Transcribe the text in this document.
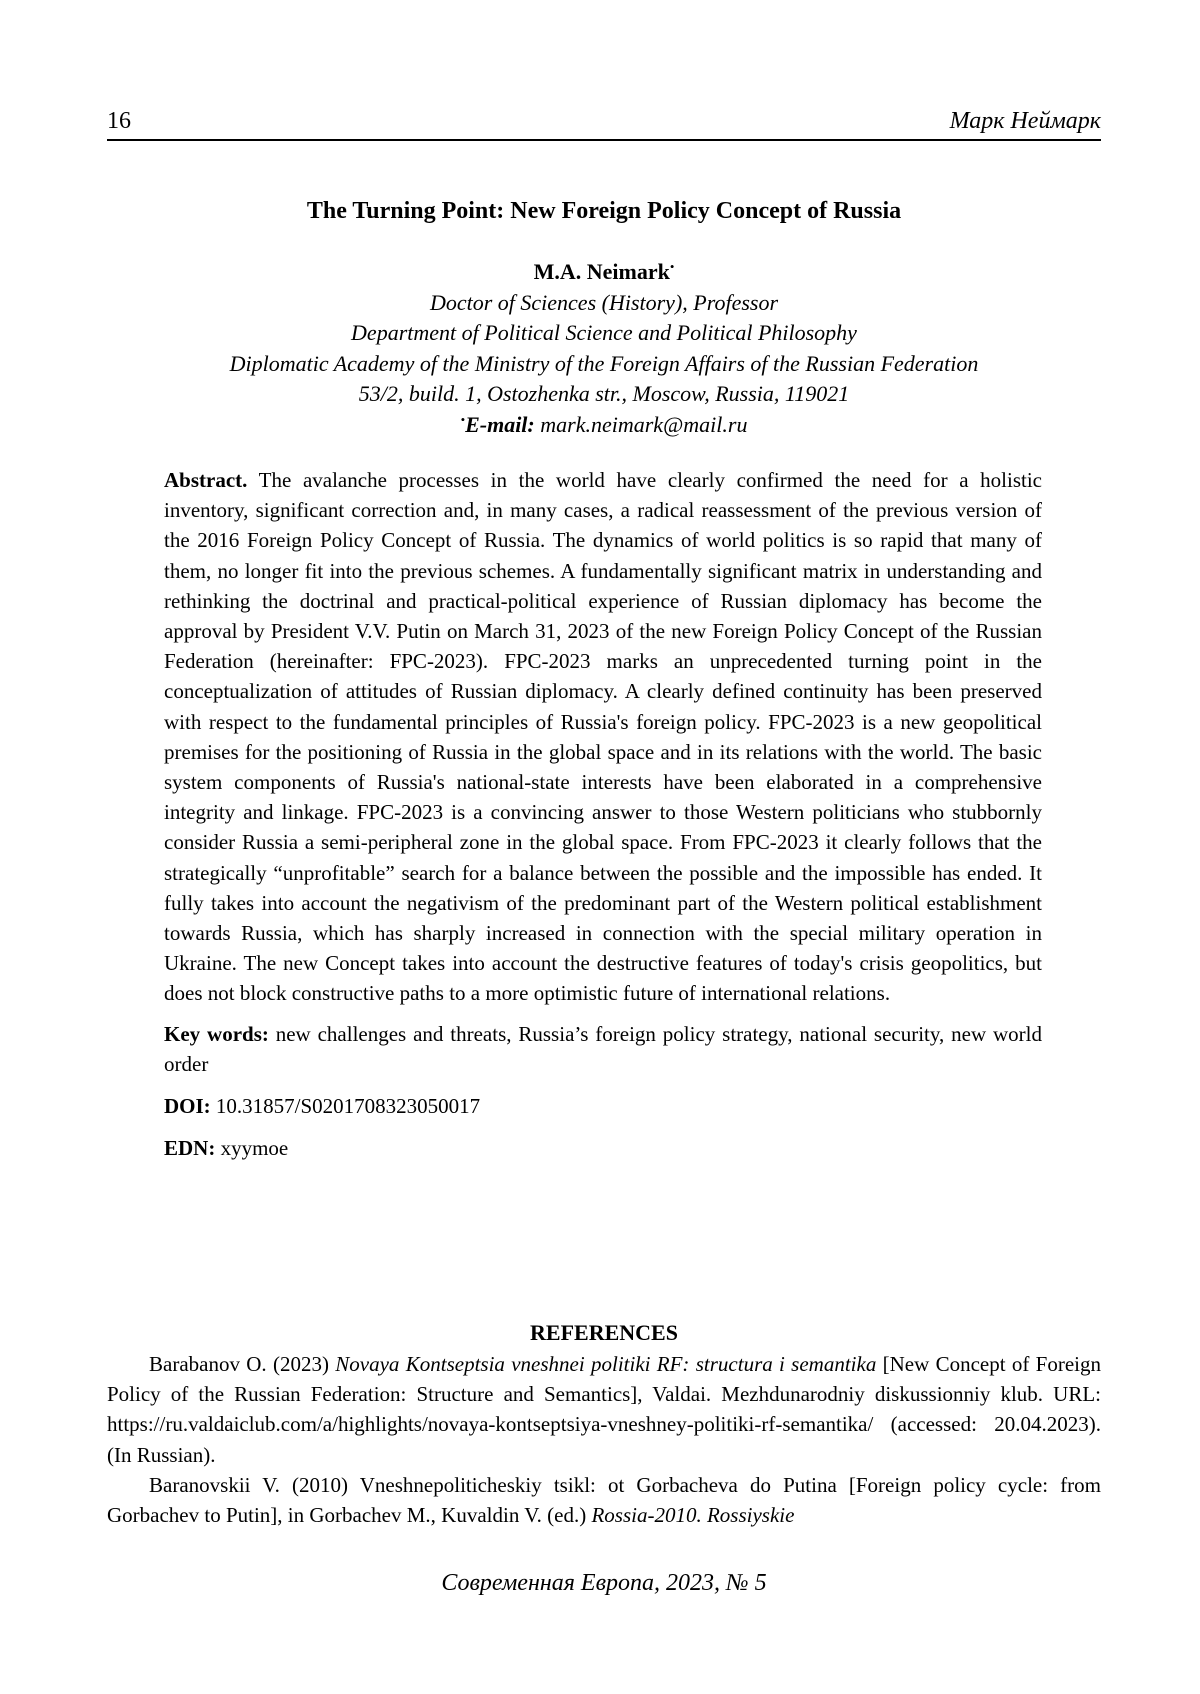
16	Марк Неймарк
The Turning Point: New Foreign Policy Concept of Russia
M.A. Neimark•
Doctor of Sciences (History), Professor
Department of Political Science and Political Philosophy
Diplomatic Academy of the Ministry of the Foreign Affairs of the Russian Federation
53/2, build. 1, Ostozhenka str., Moscow, Russia, 119021
•E-mail: mark.neimark@mail.ru

Abstract. The avalanche processes in the world have clearly confirmed the need for a holistic inventory, significant correction and, in many cases, a radical reassessment of the previous version of the 2016 Foreign Policy Concept of Russia. The dynamics of world politics is so rapid that many of them, no longer fit into the previous schemes. A fundamentally significant matrix in understanding and rethinking the doctrinal and practical-political experience of Russian diplomacy has become the approval by President V.V. Putin on March 31, 2023 of the new Foreign Policy Concept of the Russian Federation (hereinafter: FPC-2023). FPC-2023 marks an unprecedented turning point in the conceptualization of attitudes of Russian diplomacy. A clearly defined continuity has been preserved with respect to the fundamental principles of Russia's foreign policy. FPC-2023 is a new geopolitical premises for the positioning of Russia in the global space and in its relations with the world. The basic system components of Russia's national-state interests have been elaborated in a comprehensive integrity and linkage. FPC-2023 is a convincing answer to those Western politicians who stubbornly consider Russia a semi-peripheral zone in the global space. From FPC-2023 it clearly follows that the strategically “unprofitable” search for a balance between the possible and the impossible has ended. It fully takes into account the negativism of the predominant part of the Western political establishment towards Russia, which has sharply increased in connection with the special military operation in Ukraine. The new Concept takes into account the destructive features of today's crisis geopolitics, but does not block constructive paths to a more optimistic future of international relations.

Key words: new challenges and threats, Russia’s foreign policy strategy, national security, new world order

DOI: 10.31857/S0201708323050017

EDN: xyymoe

REFERENCES

Barabanov O. (2023) Novaya Kontseptsia vneshnei politiki RF: structura i semantika [New Concept of Foreign Policy of the Russian Federation: Structure and Semantics], Valdai. Mezhdunarodniy diskussionniy klub. URL: https://ru.valdaiclub.com/a/highlights/novaya-kontseptsiya-vneshney-politiki-rf-semantika/ (accessed: 20.04.2023). (In Russian).

Baranovskii V. (2010) Vneshnepoliticheskiy tsikl: ot Gorbacheva do Putina [Foreign policy cycle: from Gorbachev to Putin], in Gorbachev M., Kuvaldin V. (ed.) Rossia-2010. Rossiyskie

Современная Европа, 2023, № 5
